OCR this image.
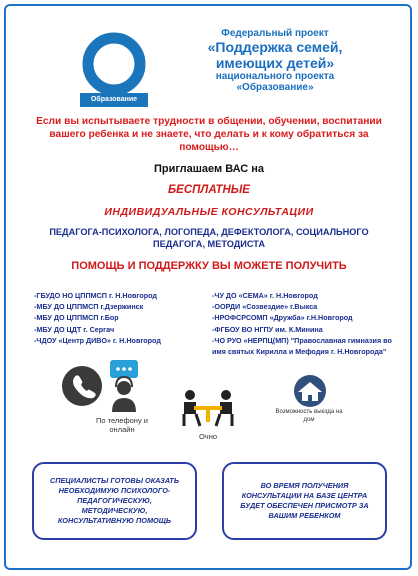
Образование
Федеральный проект
«Поддержка семей,
имеющих детей»
национального проекта
«Образование»
Если вы испытываете трудности в общении, обучении, воспитании вашего ребенка и не знаете, что делать и к кому обратиться за помощью…
Приглашаем ВАС на
БЕСПЛАТНЫЕ
ИНДИВИДУАЛЬНЫЕ КОНСУЛЬТАЦИИ
ПЕДАГОГА-ПСИХОЛОГА, ЛОГОПЕДА, ДЕФЕКТОЛОГА, СОЦИАЛЬНОГО ПЕДАГОГА, МЕТОДИСТА
ПОМОЩЬ И ПОДДЕРЖКУ ВЫ МОЖЕТЕ ПОЛУЧИТЬ
-ГБУДО НО ЦППМСП г. Н.Новгород
-МБУ ДО ЦППМСП г.Дзержинск
-МБУ ДО ЦППМСП г.Бор
-МБУ ДО ЦДТ г. Сергач
-ЧДОУ «Центр ДИВО» г. Н.Новгород
-ЧУ ДО «СЕМА» г. Н.Новгород
-ООРДИ «Созвездие» г.Выкса
-НРОФСРСОМП «Дружба» г.Н.Новгород
-ФГБОУ ВО НГПУ им. К.Минина
-ЧО РУО «НЕРПЦ(МП) "Православная гимназия во имя святых Кирилла и Мефодия г. Н.Новгорода"
По телефону и онлайн
Очно
Возможность выезда на дом
СПЕЦИАЛИСТЫ ГОТОВЫ ОКАЗАТЬ НЕОБХОДИМУЮ ПСИХОЛОГО-ПЕДАГОГИЧЕСКУЮ, МЕТОДИЧЕСКУЮ, КОНСУЛЬТАТИВНУЮ ПОМОЩЬ
ВО ВРЕМЯ ПОЛУЧЕНИЯ КОНСУЛЬТАЦИИ НА БАЗЕ ЦЕНТРА БУДЕТ ОБЕСПЕЧЕН ПРИСМОТР ЗА ВАШИМ РЕБЕНКОМ
